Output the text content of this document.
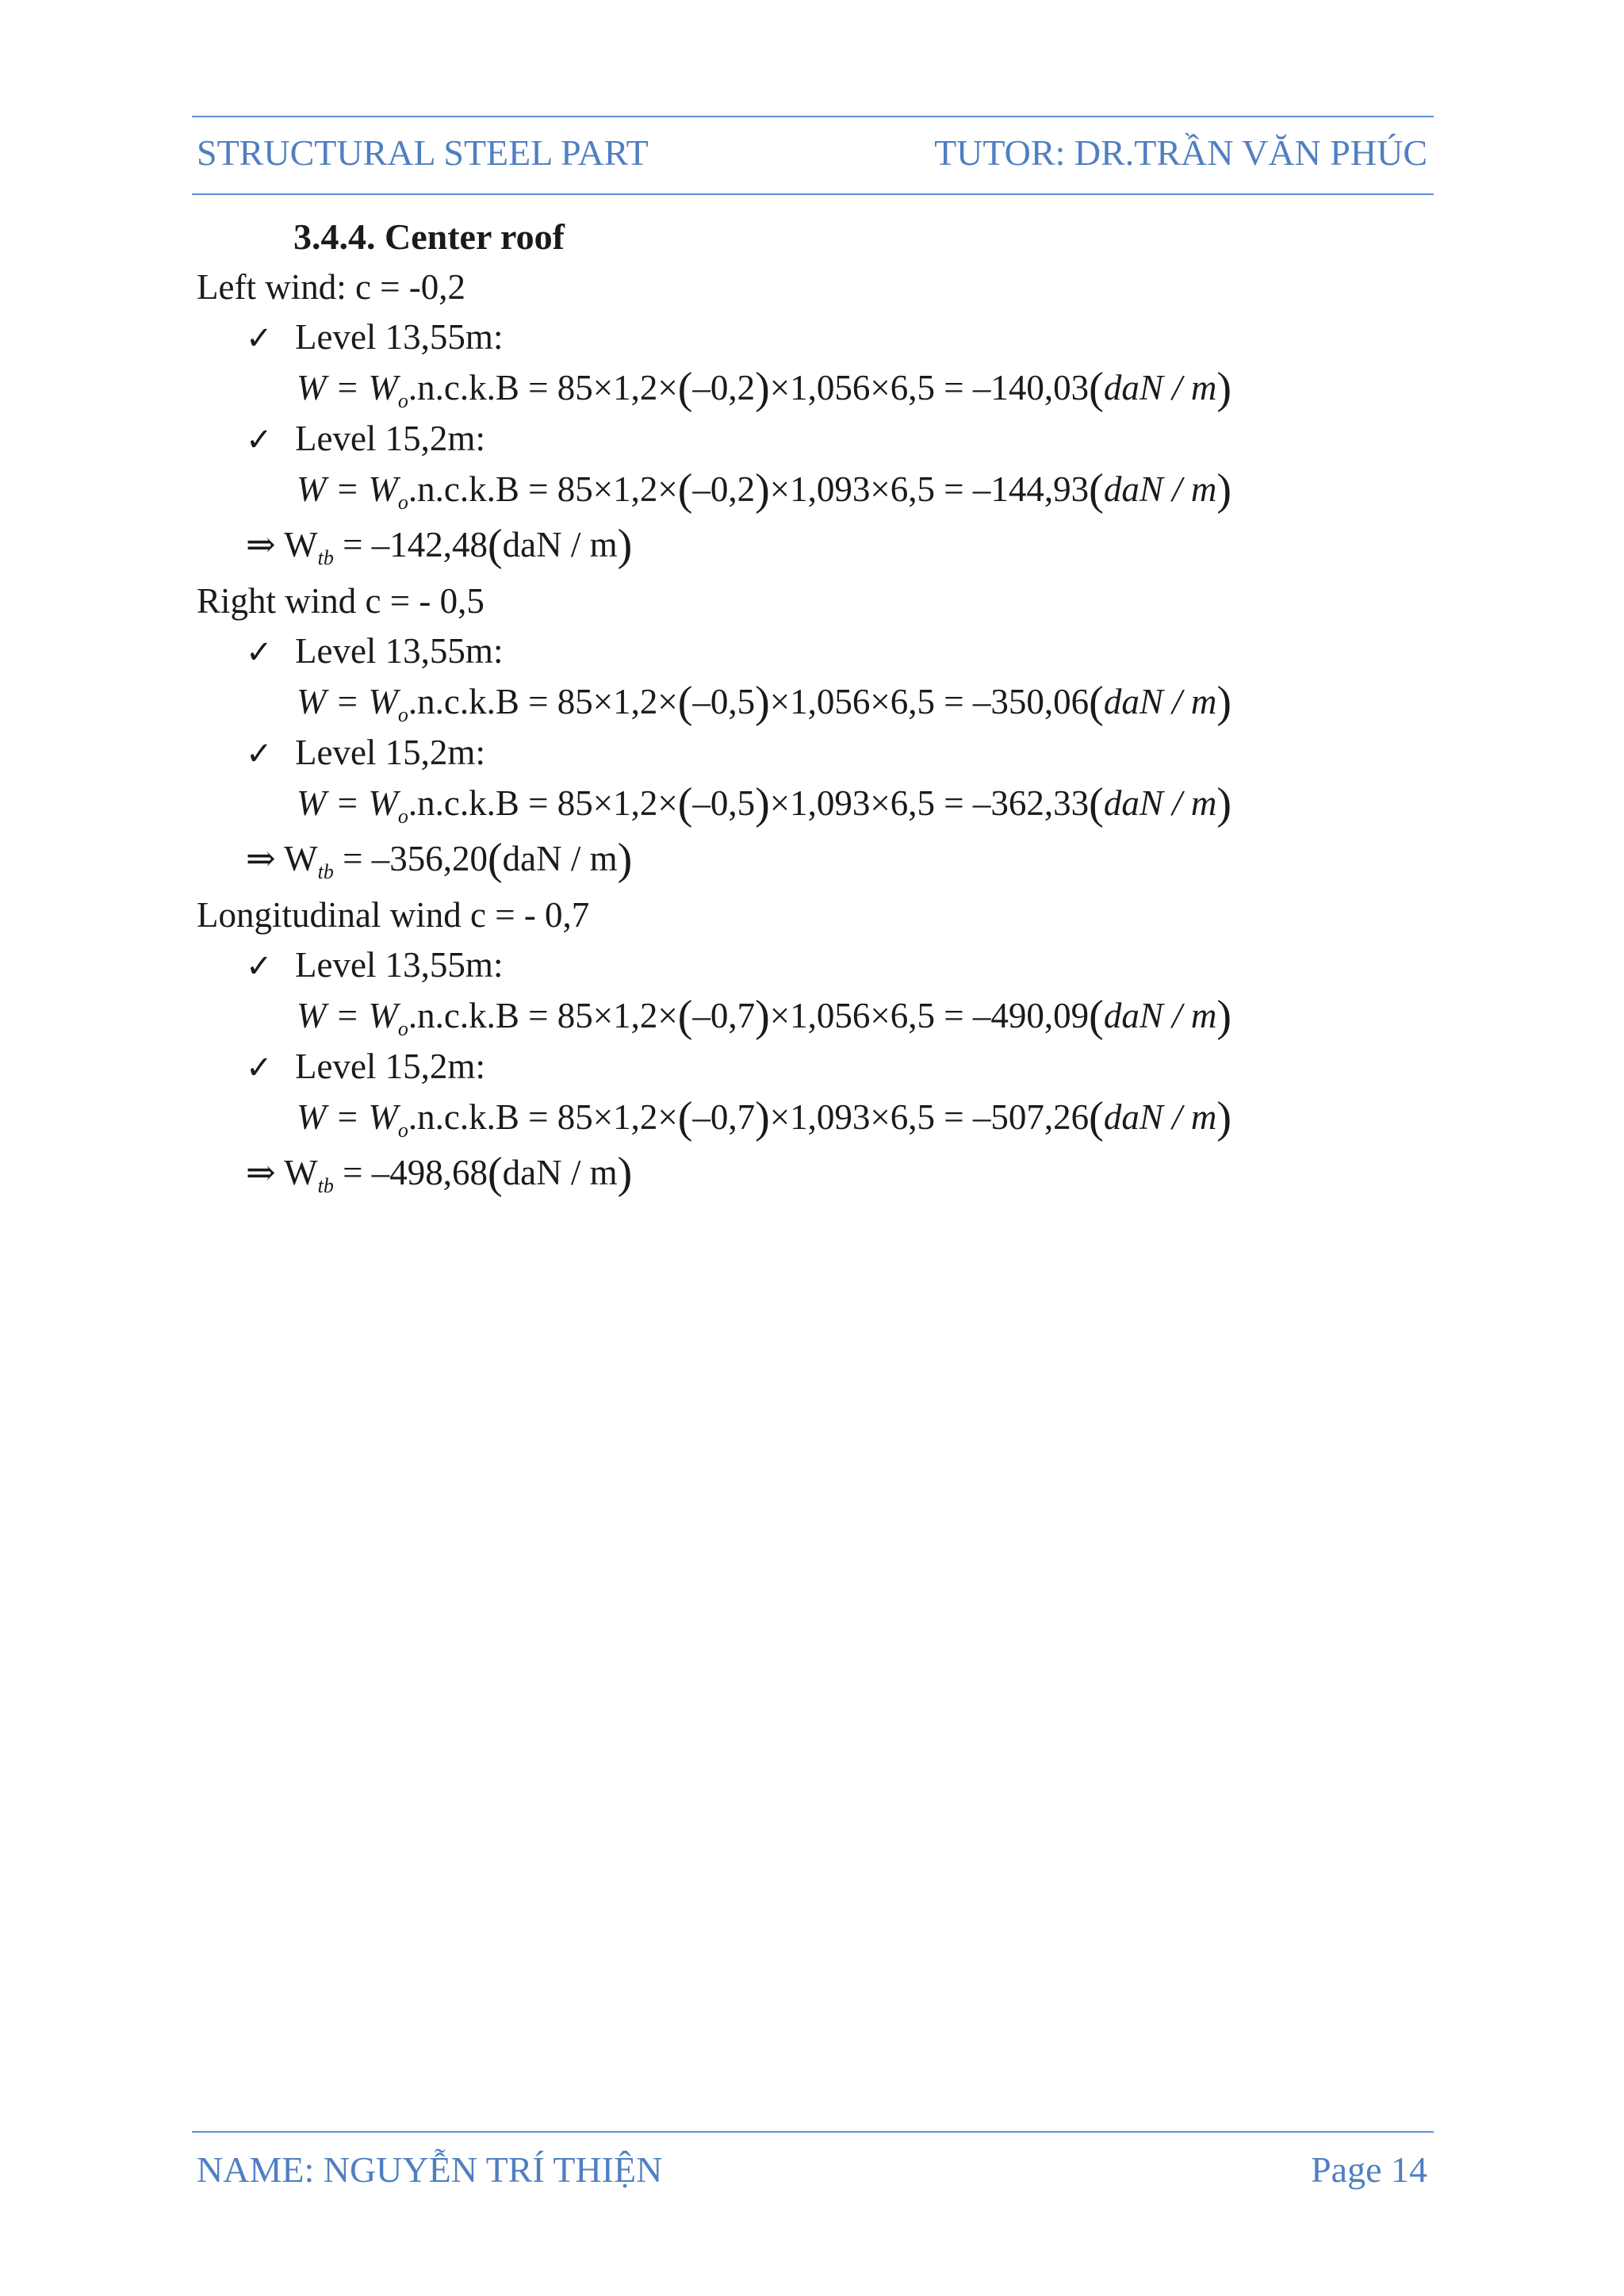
STRUCTURAL STEEL PART	TUTOR: DR.TRẦN VĂN PHÚC
3.4.4. Center roof
Left wind: c = -0,2
✓ Level 13,55m:
$W = W_o.n.c.k.B = 85\times 1,2\times(-0,2)\times 1,056\times 6,5 = -140,03(daN / m)$
✓ Level 15,2m:
$W = W_o.n.c.k.B = 85\times 1,2\times(-0,2)\times 1,093\times 6,5 = -144,93(daN / m)$
⇒ $W_{tb} = -142,48(daN / m)$
Right wind c = - 0,5
✓ Level 13,55m:
$W = W_o.n.c.k.B = 85\times 1,2\times(-0,5)\times 1,056\times 6,5 = -350,06(daN / m)$
✓ Level 15,2m:
$W = W_o.n.c.k.B = 85\times 1,2\times(-0,5)\times 1,093\times 6,5 = -362,33(daN / m)$
⇒ $W_{tb} = -356,20(daN / m)$
Longitudinal wind c = - 0,7
✓ Level 13,55m:
$W = W_o.n.c.k.B = 85\times 1,2\times(-0,7)\times 1,056\times 6,5 = -490,09(daN / m)$
✓ Level 15,2m:
$W = W_o.n.c.k.B = 85\times 1,2\times(-0,7)\times 1,093\times 6,5 = -507,26(daN / m)$
⇒ $W_{tb} = -498,68(daN / m)$
NAME: NGUYỄN TRÍ THIỆN	Page 14
